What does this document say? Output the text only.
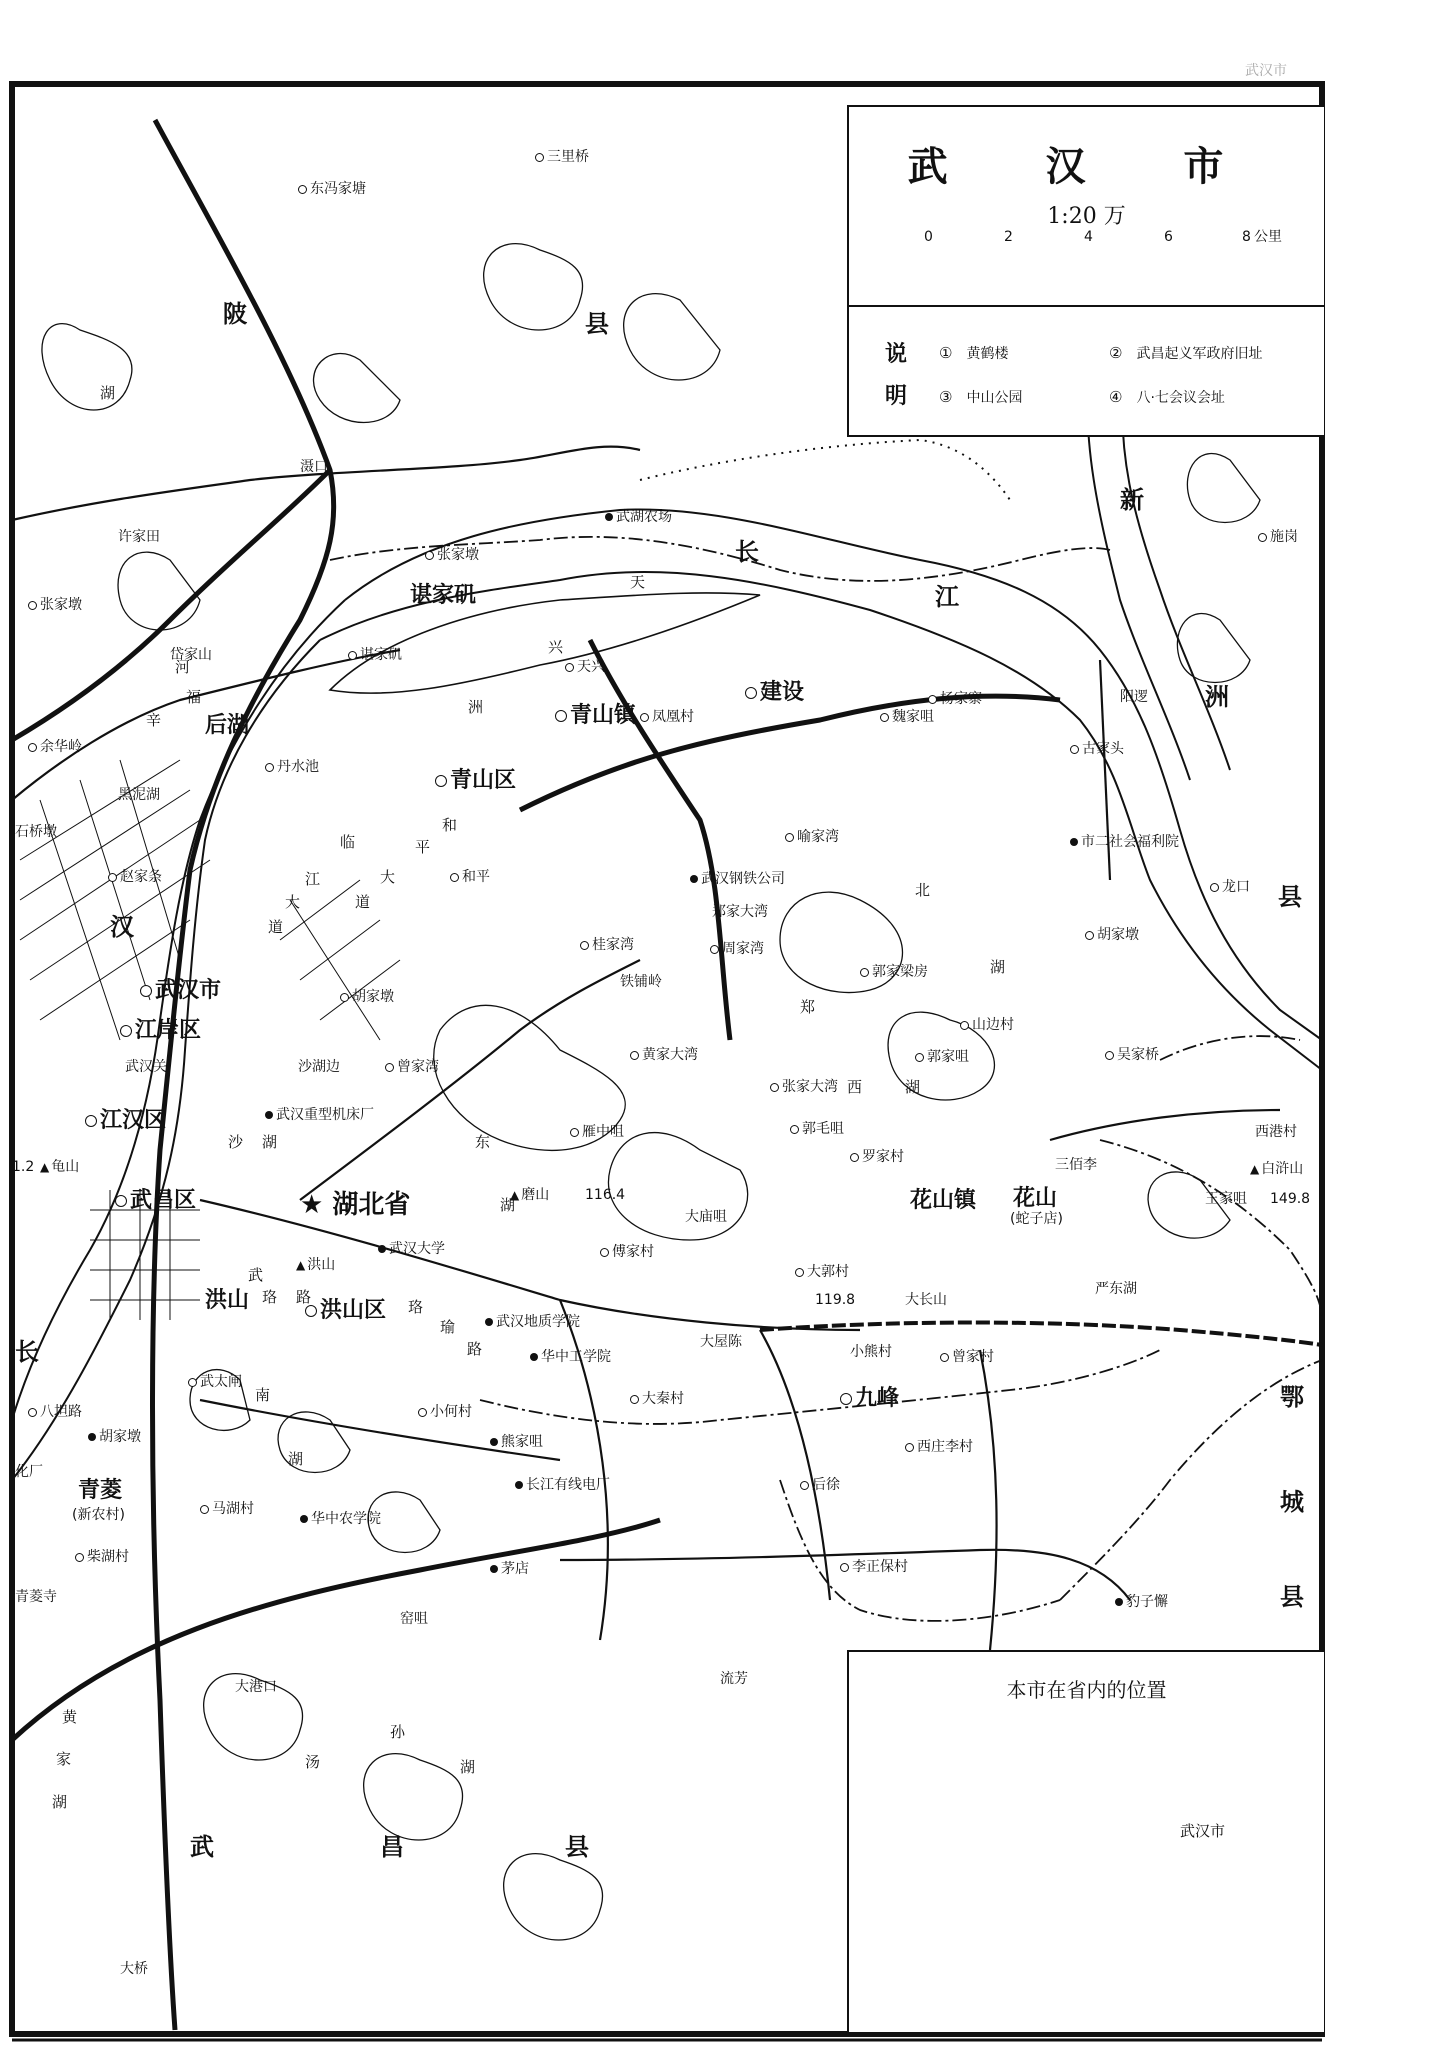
武汉市
武 汉 市
1:20 万
0	2	4	6	8 公里
说
明
① 黄鹤楼	② 武昌起义军政府旧址
③ 中山公园	④ 八·七会议会址
本市在省内的位置
武汉市
陂	县
新
洲
县
鄂
城
县
武	昌	县
★ 湖北省
长
江
长
天
兴
洲
东
湖
北
湖
南
湖
沙 湖
严东湖
汤
孙
湖
河
辛
福
汉
郑
西	湖
黄
家
湖
湖
青山区
武汉市
江岸区
江汉区
武昌区
洪山区
洪山
花山镇
九峰
青山镇
谌家矶
青菱
临
江
大
道
和
平
大
道
珞
瑜
路
武
珞 路
三里桥
东冯家塘
滠口
武湖农场
许家田
张家墩
张家墩
谌家矶
岱家山
余华岭
后湖
黑泥湖
丹水池
石桥墩
赵家条
施岗
阳逻
古家头
杨家寨
建设
魏家咀
凤凰村
天兴
喻家湾	市二社会福利院
龙口
武汉钢铁公司
郑家大湾
周家湾
和平
桂家湾
铁铺岭
郭家梁房
胡家墩
胡家墩
吴家桥
山边村
郭家咀
张家大湾
黄家大湾
曾家湾
沙湖边
武汉关
武汉重型机床厂
郭毛咀
罗家村
雁中咀	西港村
三佰李
▲	白浒山
王家咀
花山
(蛇子店)
大庙咀
傅家村
武汉大学
▲ 洪山	大郭村
大长山
武汉地质学院
大屋陈
小熊村	曾家村
华中工学院
大秦村
武太闸
八坦路	小何村
熊家咀
胡家墩
西庄李村
后徐
长江有线电厂
马湖村
华中农学院
李正保村
柴湖村
茅店
窑咀
青菱寺	豹子懈
大港口	流芳
大桥
(新农村)
▲ 磨山
▲ 龟山
化厂
116.4
119.8
149.8
1.2
